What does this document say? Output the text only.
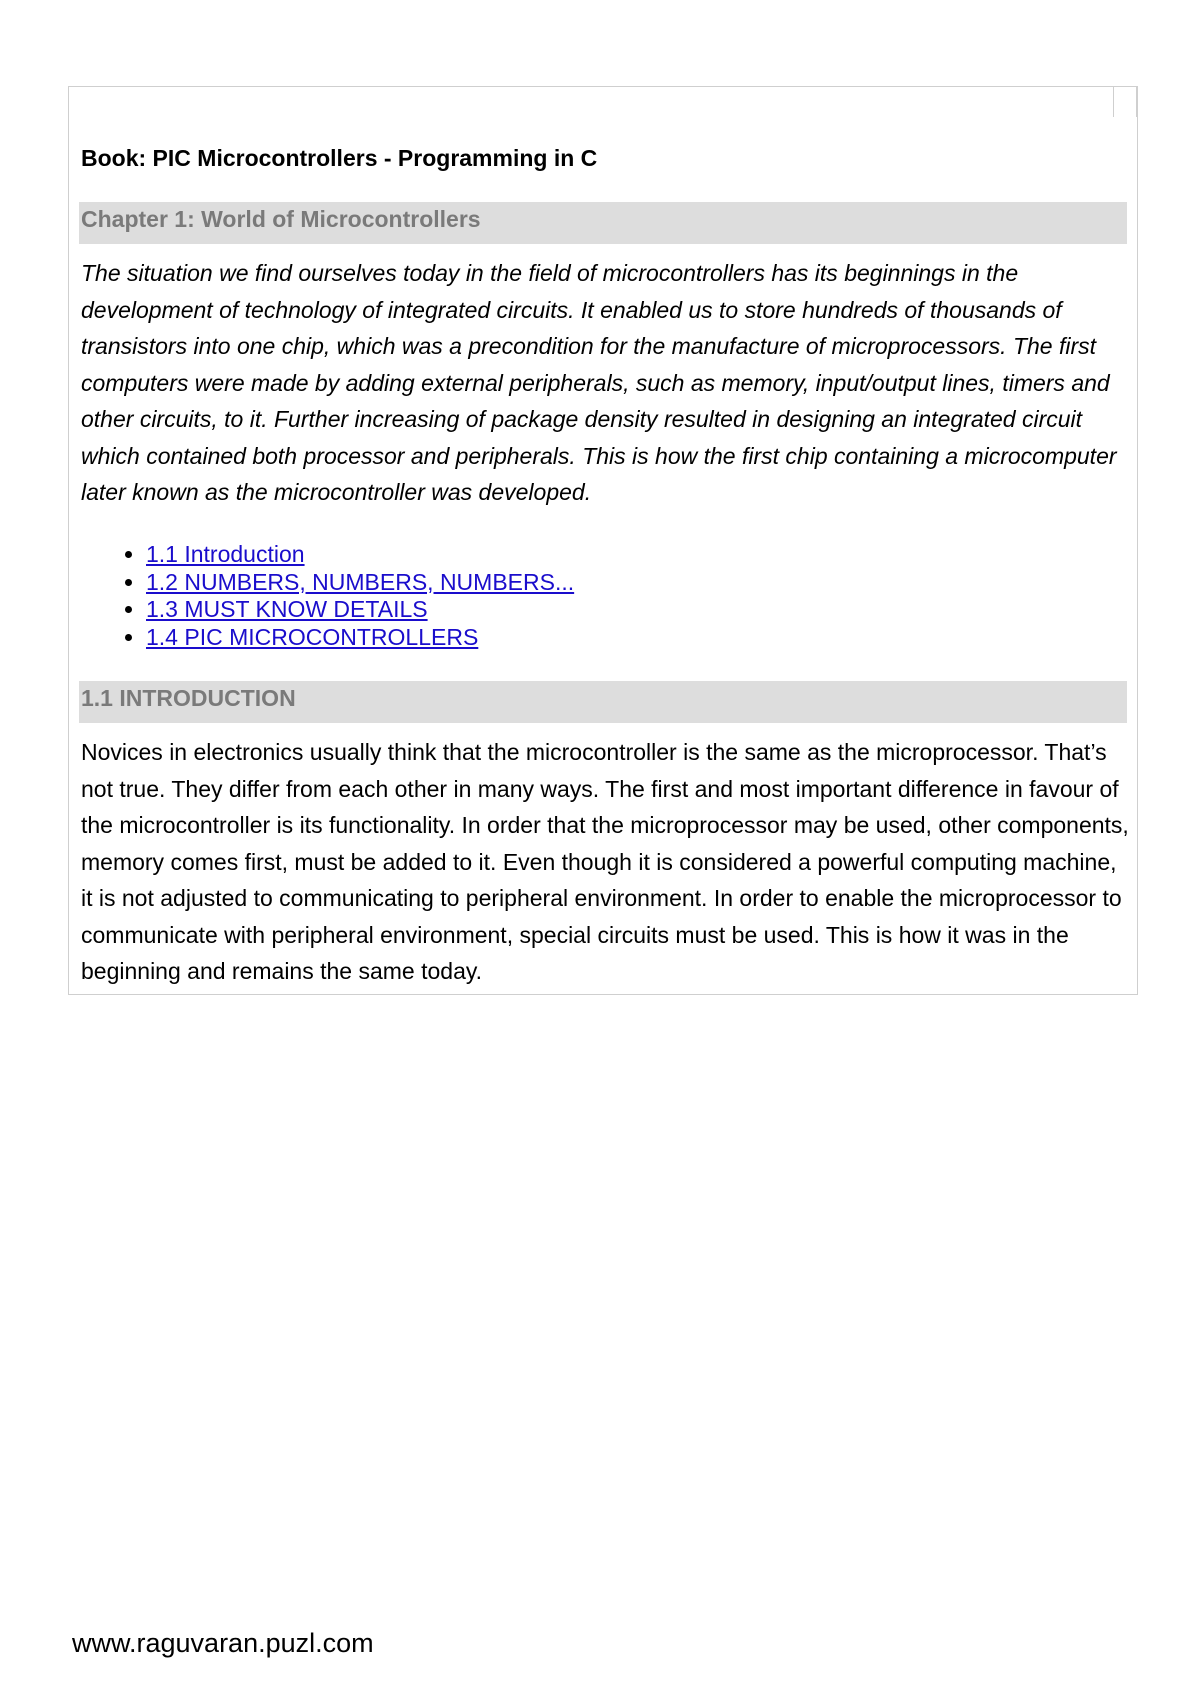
Book: PIC Microcontrollers - Programming in C
Chapter 1: World of Microcontrollers

The situation we find ourselves today in the field of microcontrollers has its beginnings in the development of technology of integrated circuits. It enabled us to store hundreds of thousands of transistors into one chip, which was a precondition for the manufacture of microprocessors. The first computers were made by adding external peripherals, such as memory, input/output lines, timers and other circuits, to it. Further increasing of package density resulted in designing an integrated circuit which contained both processor and peripherals. This is how the first chip containing a microcomputer later known as the microcontroller was developed.

• 1.1 Introduction
• 1.2 NUMBERS, NUMBERS, NUMBERS...
• 1.3 MUST KNOW DETAILS
• 1.4 PIC MICROCONTROLLERS
1.1 INTRODUCTION

Novices in electronics usually think that the microcontroller is the same as the microprocessor. That’s not true. They differ from each other in many ways. The first and most important difference in favour of the microcontroller is its functionality. In order that the microprocessor may be used, other components, memory comes first, must be added to it. Even though it is considered a powerful computing machine, it is not adjusted to communicating to peripheral environment. In order to enable the microprocessor to communicate with peripheral environment, special circuits must be used. This is how it was in the beginning and remains the same today.

www.raguvaran.puzl.com
